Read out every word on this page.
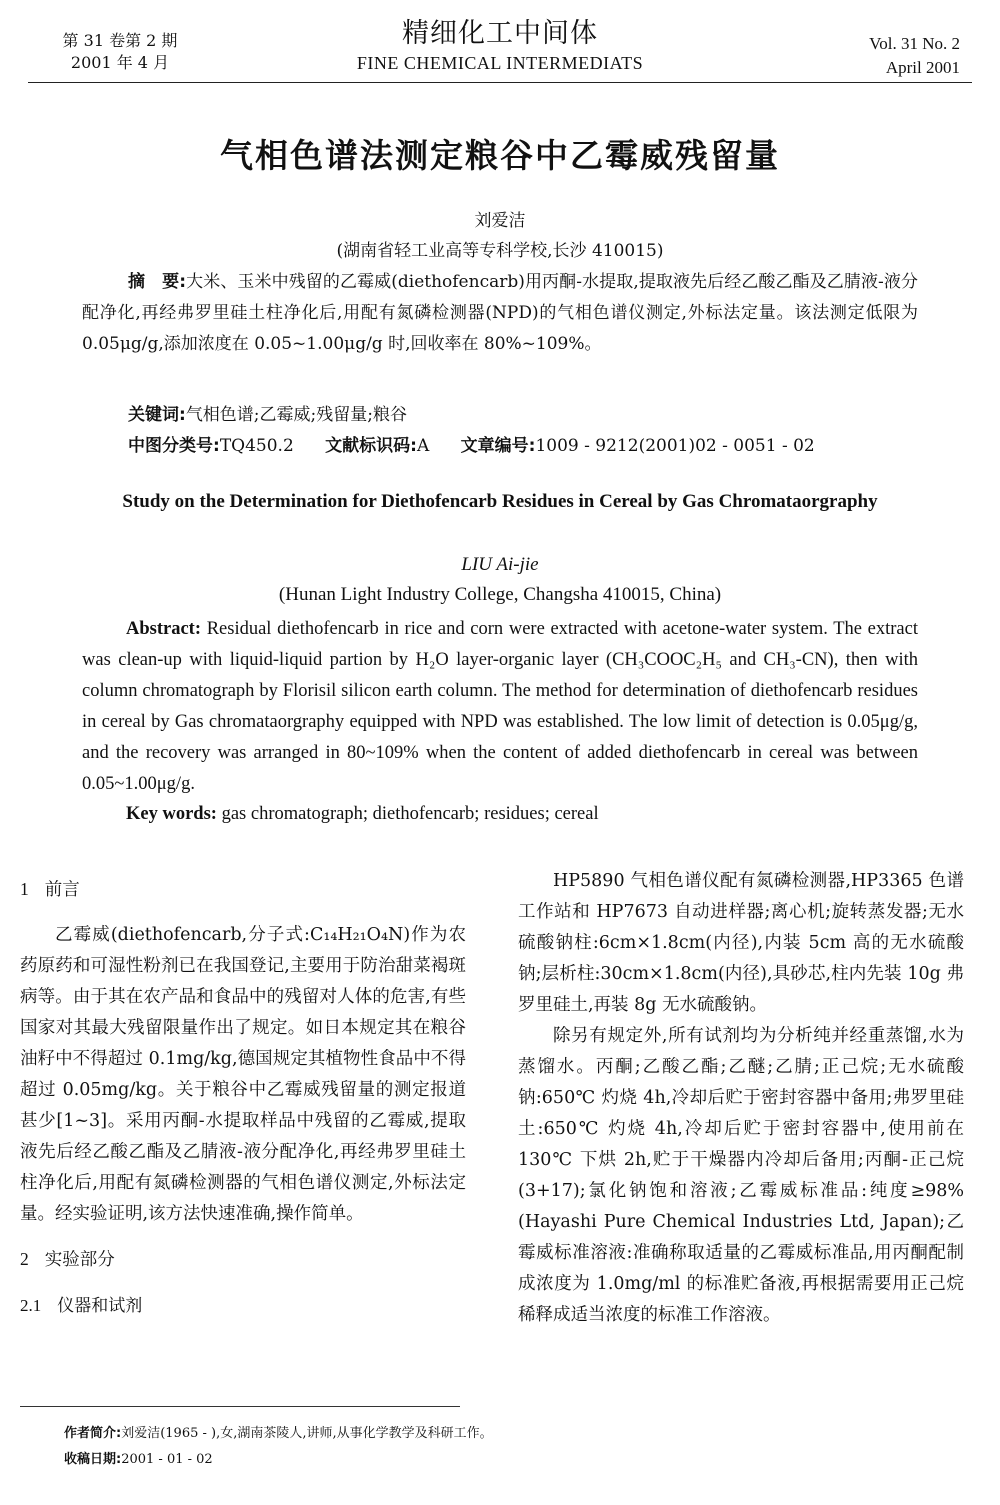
第 31 卷第 2 期
2001 年 4 月
精细化工中间体
FINE CHEMICAL INTERMEDIATS
Vol. 31 No. 2
April 2001
气相色谱法测定粮谷中乙霉威残留量
刘爱洁
(湖南省轻工业高等专科学校,长沙 410015)
摘　要:大米、玉米中残留的乙霉威(diethofencarb)用丙酮-水提取,提取液先后经乙酸乙酯及乙腈液-液分配净化,再经弗罗里硅土柱净化后,用配有氮磷检测器(NPD)的气相色谱仪测定,外标法定量。该法测定低限为 0.05μg/g,添加浓度在 0.05~1.00μg/g 时,回收率在 80%~109%。
关键词:气相色谱;乙霉威;残留量;粮谷
中图分类号:TQ450.2 文献标识码:A 文章编号:1009 - 9212(2001)02 - 0051 - 02
Study on the Determination for Diethofencarb Residues in Cereal by Gas Chromataorgraphy
LIU Ai-jie
(Hunan Light Industry College, Changsha 410015, China)
Abstract: Residual diethofencarb in rice and corn were extracted with acetone-water system. The extract was clean-up with liquid-liquid partion by H₂O layer-organic layer (CH₃COOC₂H₅ and CH₃-CN), then with column chromatograph by Florisil silicon earth column. The method for determination of diethofencarb residues in cereal by Gas chromataorgraphy equipped with NPD was established. The low limit of detection is 0.05μg/g, and the recovery was arranged in 80~109% when the content of added diethofencarb in cereal was between 0.05~1.00μg/g.
Key words: gas chromatograph; diethofencarb; residues; cereal
1 前言
乙霉威(diethofencarb,分子式:C₁₄H₂₁O₄N)作为农药原药和可湿性粉剂已在我国登记,主要用于防治甜菜褐斑病等。由于其在农产品和食品中的残留对人体的危害,有些国家对其最大残留限量作出了规定。如日本规定其在粮谷油籽中不得超过 0.1mg/kg,德国规定其植物性食品中不得超过 0.05mg/kg。关于粮谷中乙霉威残留量的测定报道甚少[1~3]。采用丙酮-水提取样品中残留的乙霉威,提取液先后经乙酸乙酯及乙腈液-液分配净化,再经弗罗里硅土柱净化后,用配有氮磷检测器的气相色谱仪测定,外标法定量。经实验证明,该方法快速准确,操作简单。
2 实验部分
2.1 仪器和试剂
HP5890 气相色谱仪配有氮磷检测器,HP3365 色谱工作站和 HP7673 自动进样器;离心机;旋转蒸发器;无水硫酸钠柱:6cm×1.8cm(内径),内装 5cm 高的无水硫酸钠;层析柱:30cm×1.8cm(内径),具砂芯,柱内先装 10g 弗罗里硅土,再装 8g 无水硫酸钠。
除另有规定外,所有试剂均为分析纯并经重蒸馏,水为蒸馏水。丙酮;乙酸乙酯;乙醚;乙腈;正己烷;无水硫酸钠:650℃ 灼烧 4h,冷却后贮于密封容器中备用;弗罗里硅土:650℃ 灼烧 4h,冷却后贮于密封容器中,使用前在 130℃ 下烘 2h,贮于干燥器内冷却后备用;丙酮-正己烷(3+17);氯化钠饱和溶液;乙霉威标准品:纯度≥98%(Hayashi Pure Chemical Industries Ltd, Japan);乙霉威标准溶液:准确称取适量的乙霉威标准品,用丙酮配制成浓度为 1.0mg/ml 的标准贮备液,再根据需要用正己烷稀释成适当浓度的标准工作溶液。
作者简介:刘爱洁(1965 - ),女,湖南茶陵人,讲师,从事化学教学及科研工作。
收稿日期:2001 - 01 - 02
